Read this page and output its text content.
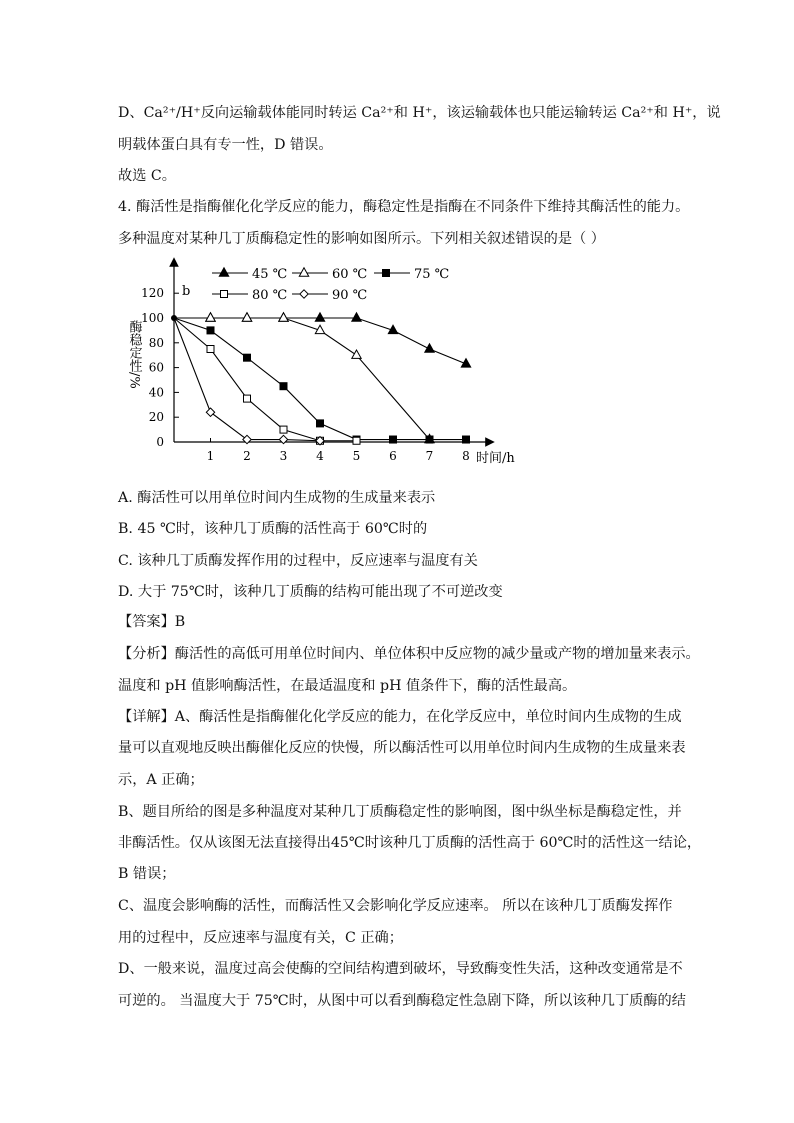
D、Ca²⁺/H⁺反向运输载体能同时转运 Ca²⁺和 H⁺，该运输载体也只能运输转运 Ca²⁺和 H⁺，说
明载体蛋白具有专一性，D 错误。
故选 C。
4. 酶活性是指酶催化化学反应的能力，酶稳定性是指酶在不同条件下维持其酶活性的能力。
多种温度对某种几丁质酶稳定性的影响如图所示。下列相关叙述错误的是（ ）
0
20
40
60
80
100
120
1 2 3 4 5 6 7 8
酶稳定性/%
45 ℃	60 ℃	75 ℃
80 ℃	90 ℃
b
时间/h
A. 酶活性可以用单位时间内生成物的生成量来表示
B. 45 ℃时，该种几丁质酶的活性高于 60℃时的
C. 该种几丁质酶发挥作用的过程中，反应速率与温度有关
D. 大于 75℃时，该种几丁质酶的结构可能出现了不可逆改变
【答案】B
【分析】酶活性的高低可用单位时间内、单位体积中反应物的减少量或产物的增加量来表示。
温度和 pH 值影响酶活性，在最适温度和 pH 值条件下，酶的活性最高。
【详解】A、酶活性是指酶催化化学反应的能力，在化学反应中，单位时间内生成物的生成
量可以直观地反映出酶催化反应的快慢，所以酶活性可以用单位时间内生成物的生成量来表
示，A 正确；
B、题目所给的图是多种温度对某种几丁质酶稳定性的影响图，图中纵坐标是酶稳定性，并
非酶活性。仅从该图无法直接得出45℃时该种几丁质酶的活性高于 60℃时的活性这一结论，
B 错误；
C、温度会影响酶的活性，而酶活性又会影响化学反应速率。 所以在该种几丁质酶发挥作
用的过程中，反应速率与温度有关，C 正确；
D、一般来说，温度过高会使酶的空间结构遭到破坏，导致酶变性失活，这种改变通常是不
可逆的。 当温度大于 75℃时，从图中可以看到酶稳定性急剧下降，所以该种几丁质酶的结
